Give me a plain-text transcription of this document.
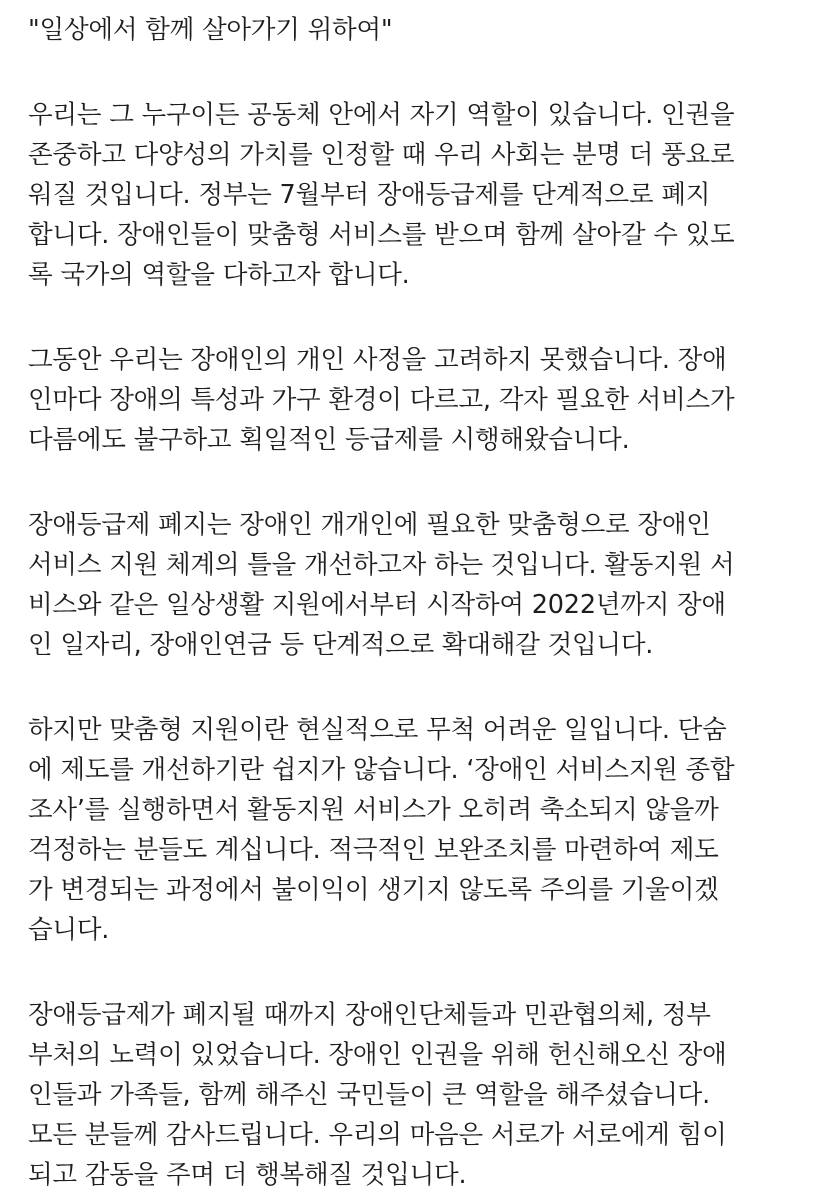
"일상에서 함께 살아가기 위하여"
우리는 그 누구이든 공동체 안에서 자기 역할이 있습니다. 인권을
존중하고 다양성의 가치를 인정할 때 우리 사회는 분명 더 풍요로
워질 것입니다. 정부는 7월부터 장애등급제를 단계적으로 폐지
합니다. 장애인들이 맞춤형 서비스를 받으며 함께 살아갈 수 있도
록 국가의 역할을 다하고자 합니다.
그동안 우리는 장애인의 개인 사정을 고려하지 못했습니다. 장애
인마다 장애의 특성과 가구 환경이 다르고, 각자 필요한 서비스가
다름에도 불구하고 획일적인 등급제를 시행해왔습니다.
장애등급제 폐지는 장애인 개개인에 필요한 맞춤형으로 장애인
서비스 지원 체계의 틀을 개선하고자 하는 것입니다. 활동지원 서
비스와 같은 일상생활 지원에서부터 시작하여 2022년까지 장애
인 일자리, 장애인연금 등 단계적으로 확대해갈 것입니다.
하지만 맞춤형 지원이란 현실적으로 무척 어려운 일입니다. 단숨
에 제도를 개선하기란 쉽지가 않습니다. ‘장애인 서비스지원 종합
조사’를 실행하면서 활동지원 서비스가 오히려 축소되지 않을까
걱정하는 분들도 계십니다. 적극적인 보완조치를 마련하여 제도
가 변경되는 과정에서 불이익이 생기지 않도록 주의를 기울이겠
습니다.
장애등급제가 폐지될 때까지 장애인단체들과 민관협의체, 정부
부처의 노력이 있었습니다. 장애인 인권을 위해 헌신해오신 장애
인들과 가족들, 함께 해주신 국민들이 큰 역할을 해주셨습니다.
모든 분들께 감사드립니다. 우리의 마음은 서로가 서로에게 힘이
되고 감동을 주며 더 행복해질 것입니다.
